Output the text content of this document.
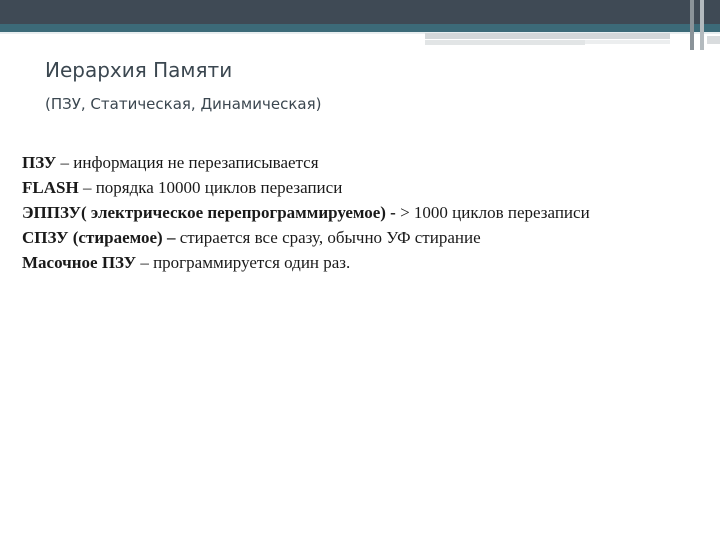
Иерархия Памяти
(ПЗУ, Статическая, Динамическая)
ПЗУ – информация не перезаписывается
FLASH – порядка 10000 циклов перезаписи
ЭППЗУ( электрическое перепрограммируемое) - > 1000 циклов перезаписи
СПЗУ (стираемое) – стирается все сразу, обычно УФ стирание
Масочное ПЗУ – программируется один раз.
